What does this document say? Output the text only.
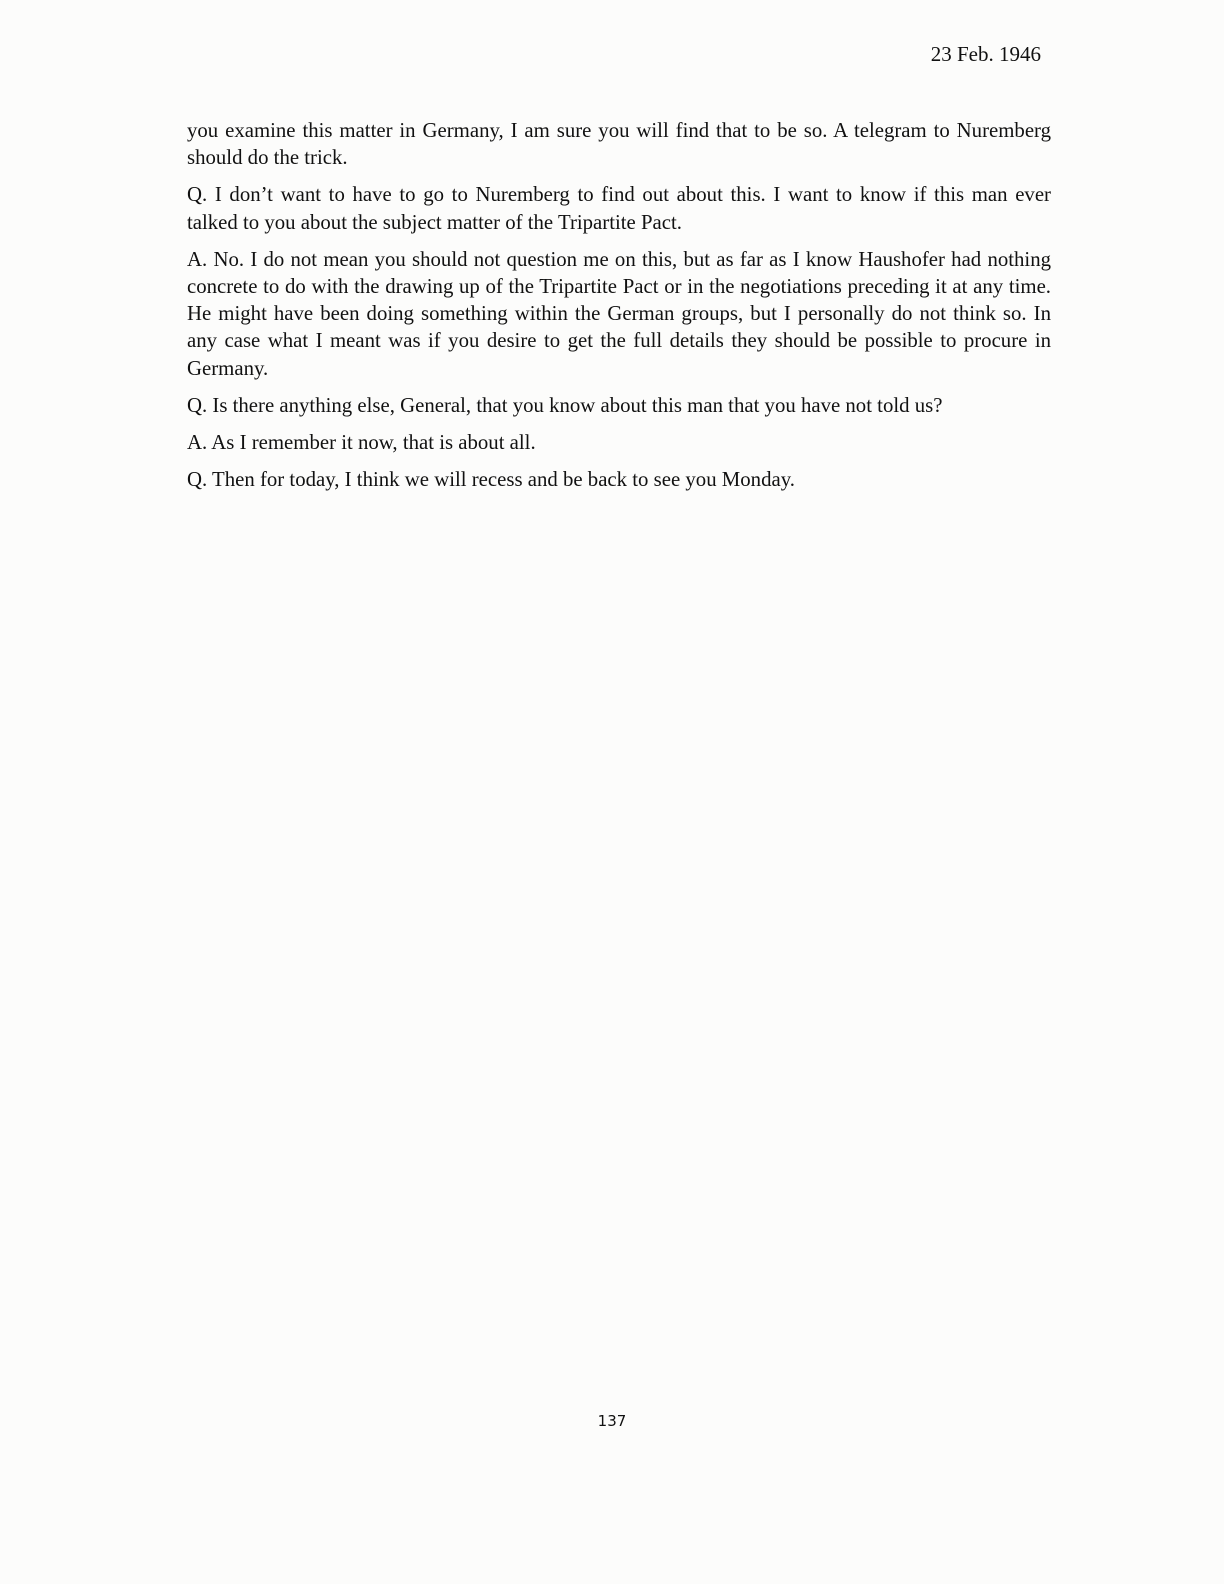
23 Feb. 1946

you examine this matter in Germany, I am sure you will find that to be so. A telegram to Nuremberg should do the trick.

Q. I don’t want to have to go to Nuremberg to find out about this. I want to know if this man ever talked to you about the subject matter of the Tripartite Pact.

A. No. I do not mean you should not question me on this, but as far as I know Haushofer had nothing concrete to do with the drawing up of the Tripartite Pact or in the negotiations preceding it at any time. He might have been doing something within the German groups, but I personally do not think so. In any case what I meant was if you desire to get the full details they should be possible to procure in Germany.

Q. Is there anything else, General, that you know about this man that you have not told us?

A. As I remember it now, that is about all.

Q. Then for today, I think we will recess and be back to see you Monday.

137
